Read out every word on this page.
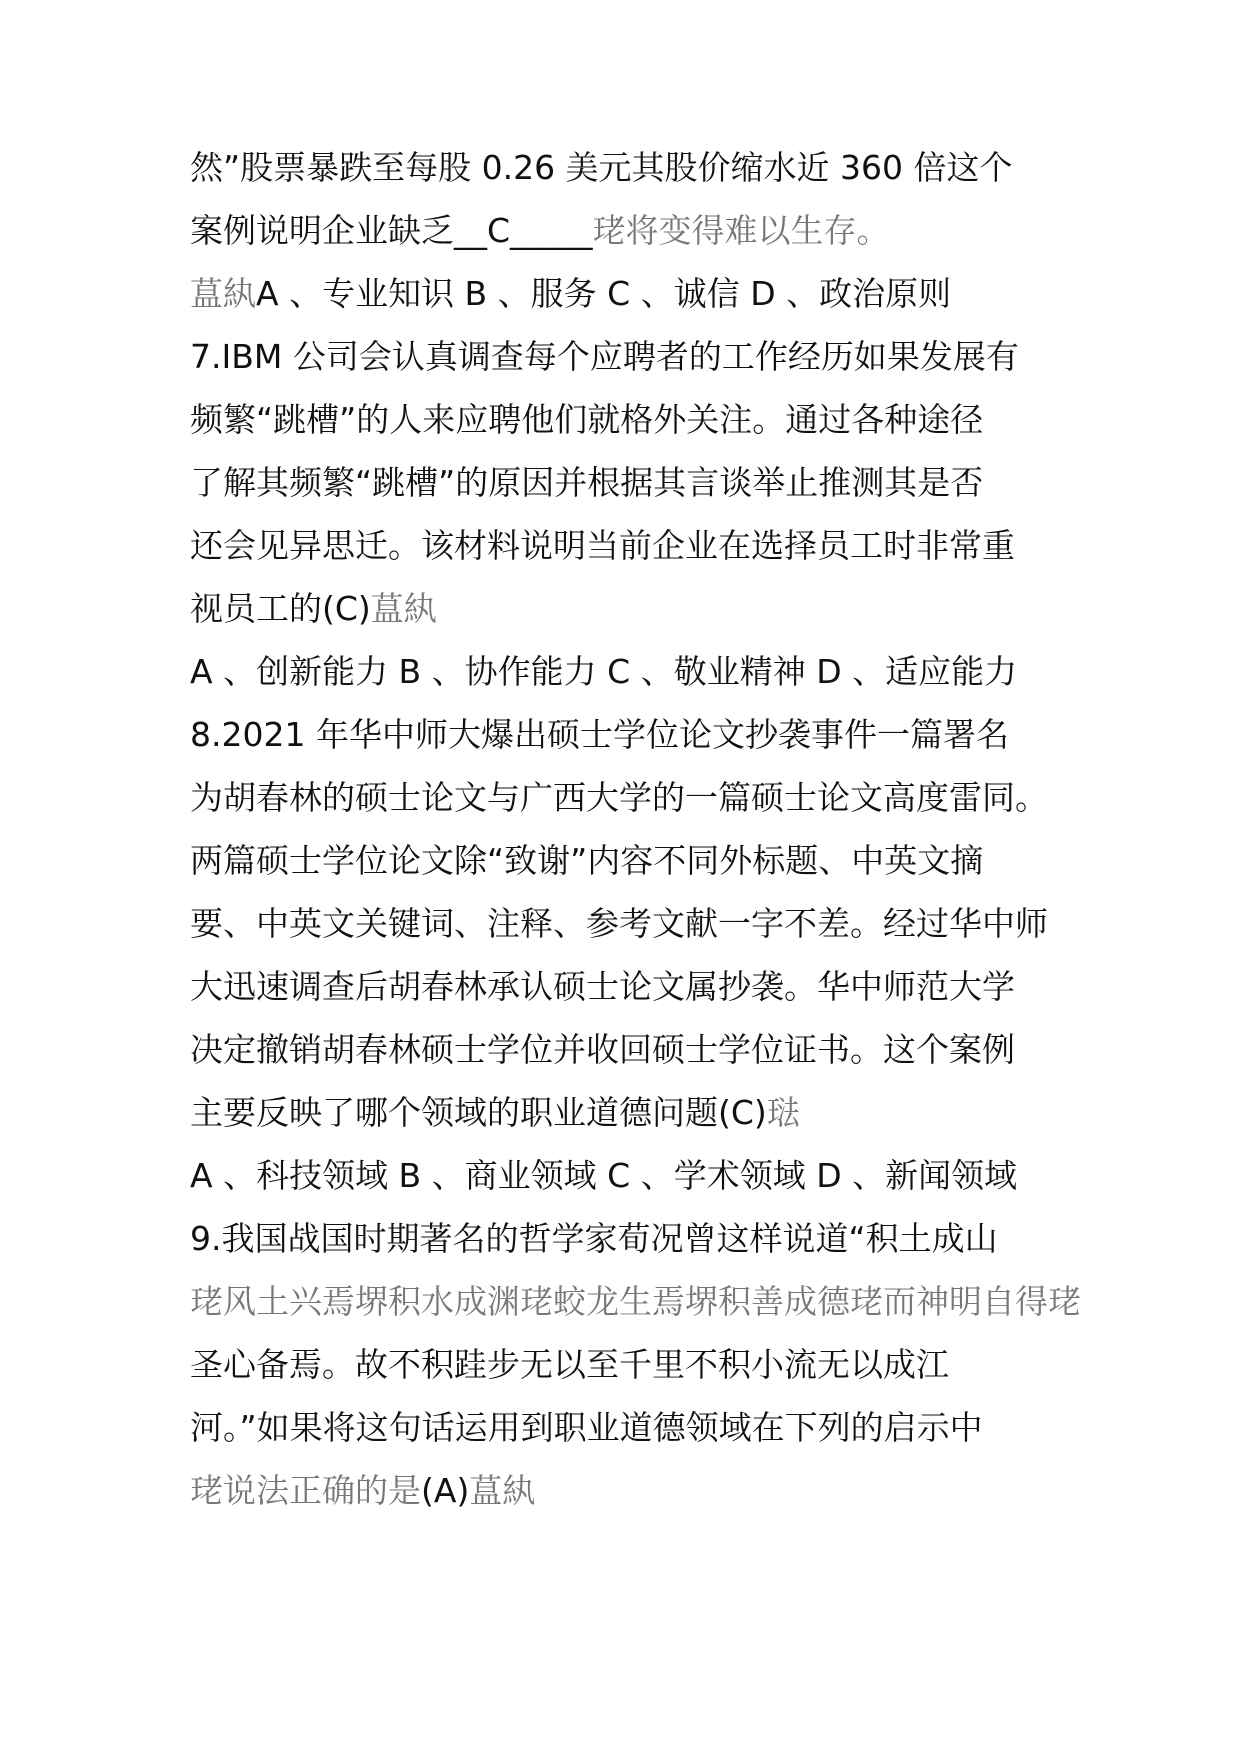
然”股票暴跌至每股 0.26 美元其股价缩水近 360 倍这个
案例说明企业缺乏__C_____珯将变得难以生存。
蒀紈A 、专业知识 B 、服务 C 、诚信 D 、政治原则
7.IBM 公司会认真调查每个应聘者的工作经历如果发展有
频繁“跳槽”的人来应聘他们就格外关注。通过各种途径
了解其频繁“跳槽”的原因并根据其言谈举止推测其是否
还会见异思迁。该材料说明当前企业在选择员工时非常重
视员工的(C)蒀紈
A 、创新能力 B 、协作能力 C 、敬业精神 D 、适应能力
8.2021 年华中师大爆出硕士学位论文抄袭事件一篇署名
为胡春林的硕士论文与广西大学的一篇硕士论文高度雷同。
两篇硕士学位论文除“致谢”内容不同外标题、中英文摘
要、中英文关键词、注释、参考文献一字不差。经过华中师
大迅速调查后胡春林承认硕士论文属抄袭。华中师范大学
决定撤销胡春林硕士学位并收回硕士学位证书。这个案例
主要反映了哪个领域的职业道德问题(C)琺
A 、科技领域 B 、商业领域 C 、学术领域 D 、新闻领域
9.我国战国时期著名的哲学家荀况曾这样说道“积土成山
珯风土兴焉堺积水成渊珯蛟龙生焉堺积善成德珯而神明自得珯
圣心备焉。故不积跬步无以至千里不积小流无以成江
河。”如果将这句话运用到职业道德领域在下列的启示中
珯说法正确的是(A)蒀紈
